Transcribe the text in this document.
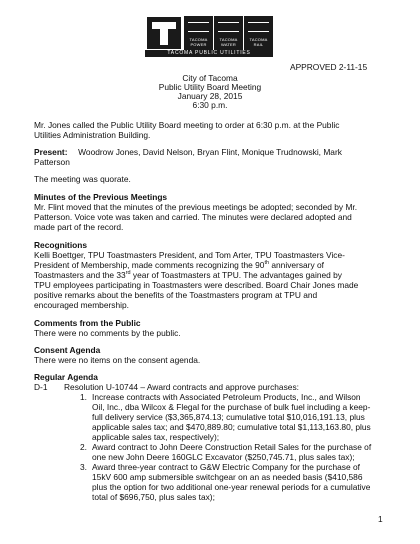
TACOMA
POWER
TACOMA
WATER
TACOMA
RAIL
TACOMA PUBLIC UTILITIES
APPROVED 2-11-15
City of Tacoma
Public Utility Board Meeting
January 28, 2015
6:30 p.m.
Mr. Jones called the Public Utility Board meeting to order at 6:30 p.m. at the Public
Utilities Administration Building.
Present: Woodrow Jones, David Nelson, Bryan Flint, Monique Trudnowski, Mark
Patterson
The meeting was quorate.
Minutes of the Previous Meetings
Mr. Flint moved that the minutes of the previous meetings be adopted; seconded by Mr.
Patterson. Voice vote was taken and carried. The minutes were declared adopted and
made part of the record.
Recognitions
Kelli Boettger, TPU Toastmasters President, and Tom Arter, TPU Toastmasters Vice-
President of Membership, made comments recognizing the 90th anniversary of
Toastmasters and the 33rd year of Toastmasters at TPU. The advantages gained by
TPU employees participating in Toastmasters were described. Board Chair Jones made
positive remarks about the benefits of the Toastmasters program at TPU and
encouraged membership.
Comments from the Public
There were no comments by the public.
Consent Agenda
There were no items on the consent agenda.
Regular Agenda
D-1 Resolution U-10744 – Award contracts and approve purchases:
1. Increase contracts with Associated Petroleum Products, Inc., and Wilson
Oil, Inc., dba Wilcox & Flegal for the purchase of bulk fuel including a keep-
full delivery service ($3,365,874.13; cumulative total $10,016,191.13, plus
applicable sales tax; and $470,889.80; cumulative total $1,113,163.80, plus
applicable sales tax, respectively);
2. Award contract to John Deere Construction Retail Sales for the purchase of
one new John Deere 160GLC Excavator ($250,745.71, plus sales tax);
3. Award three-year contract to G&W Electric Company for the purchase of
15kV 600 amp submersible switchgear on an as needed basis ($410,586
plus the option for two additional one-year renewal periods for a cumulative
total of $696,750, plus sales tax);
1
